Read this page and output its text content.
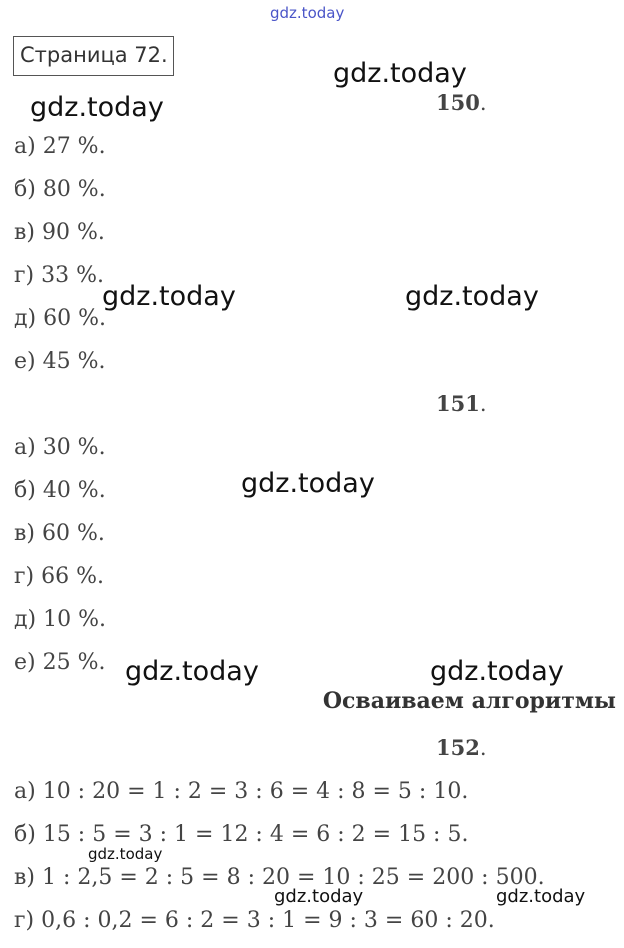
gdz.today
Страница 72.
gdz.today
gdz.today	150.
а) 27 %.
б) 80 %.
в) 90 %.
г) 33 %.
д) 60 %.
е) 45 %.
gdz.today	gdz.today
151.
а) 30 %.
б) 40 %.
в) 60 %.
г) 66 %.
д) 10 %.
е) 25 %.
gdz.today
gdz.today	gdz.today
Осваиваем алгоритмы
152.
а) 10 : 20 = 1 : 2 = 3 : 6 = 4 : 8 = 5 : 10.
б) 15 : 5 = 3 : 1 = 12 : 4 = 6 : 2 = 15 : 5.
в) 1 : 2,5 = 2 : 5 = 8 : 20 = 10 : 25 = 200 : 500.
г) 0,6 : 0,2 = 6 : 2 = 3 : 1 = 9 : 3 = 60 : 20.
gdz.today
gdz.today	gdz.today
